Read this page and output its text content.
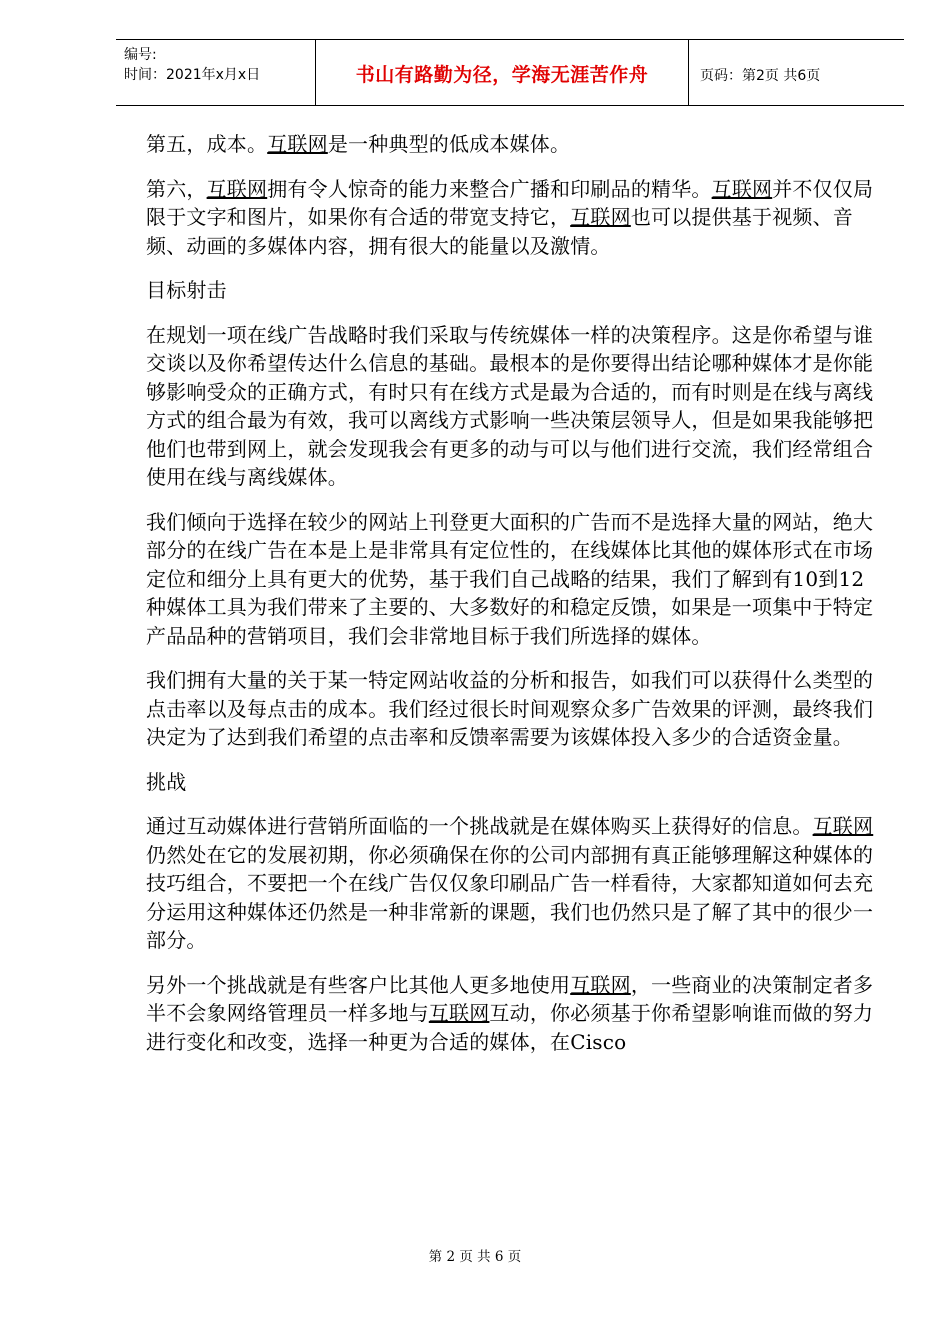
编号:
时间：2021年x月x日	书山有路勤为径，学海无涯苦作舟	页码：第2页 共6页

第五，成本。互联网是一种典型的低成本媒体。

第六，互联网拥有令人惊奇的能力来整合广播和印刷品的精华。互联网并不仅仅局限于文字和图片，如果你有合适的带宽支持它，互联网也可以提供基于视频、音频、动画的多媒体内容，拥有很大的能量以及激情。

目标射击

在规划一项在线广告战略时我们采取与传统媒体一样的决策程序。这是你希望与谁交谈以及你希望传达什么信息的基础。最根本的是你要得出结论哪种媒体才是你能够影响受众的正确方式，有时只有在线方式是最为合适的，而有时则是在线与离线方式的组合最为有效，我可以离线方式影响一些决策层领导人，但是如果我能够把他们也带到网上，就会发现我会有更多的动与可以与他们进行交流，我们经常组合使用在线与离线媒体。

我们倾向于选择在较少的网站上刊登更大面积的广告而不是选择大量的网站，绝大部分的在线广告在本是上是非常具有定位性的，在线媒体比其他的媒体形式在市场定位和细分上具有更大的优势，基于我们自己战略的结果，我们了解到有10到12种媒体工具为我们带来了主要的、大多数好的和稳定反馈，如果是一项集中于特定产品品种的营销项目，我们会非常地目标于我们所选择的媒体。

我们拥有大量的关于某一特定网站收益的分析和报告，如我们可以获得什么类型的点击率以及每点击的成本。我们经过很长时间观察众多广告效果的评测，最终我们决定为了达到我们希望的点击率和反馈率需要为该媒体投入多少的合适资金量。

挑战

通过互动媒体进行营销所面临的一个挑战就是在媒体购买上获得好的信息。互联网仍然处在它的发展初期，你必须确保在你的公司内部拥有真正能够理解这种媒体的技巧组合，不要把一个在线广告仅仅象印刷品广告一样看待，大家都知道如何去充分运用这种媒体还仍然是一种非常新的课题，我们也仍然只是了解了其中的很少一部分。

另外一个挑战就是有些客户比其他人更多地使用互联网，一些商业的决策制定者多半不会象网络管理员一样多地与互联网互动，你必须基于你希望影响谁而做的努力进行变化和改变，选择一种更为合适的媒体，在Cisco

第 2 页 共 6 页
